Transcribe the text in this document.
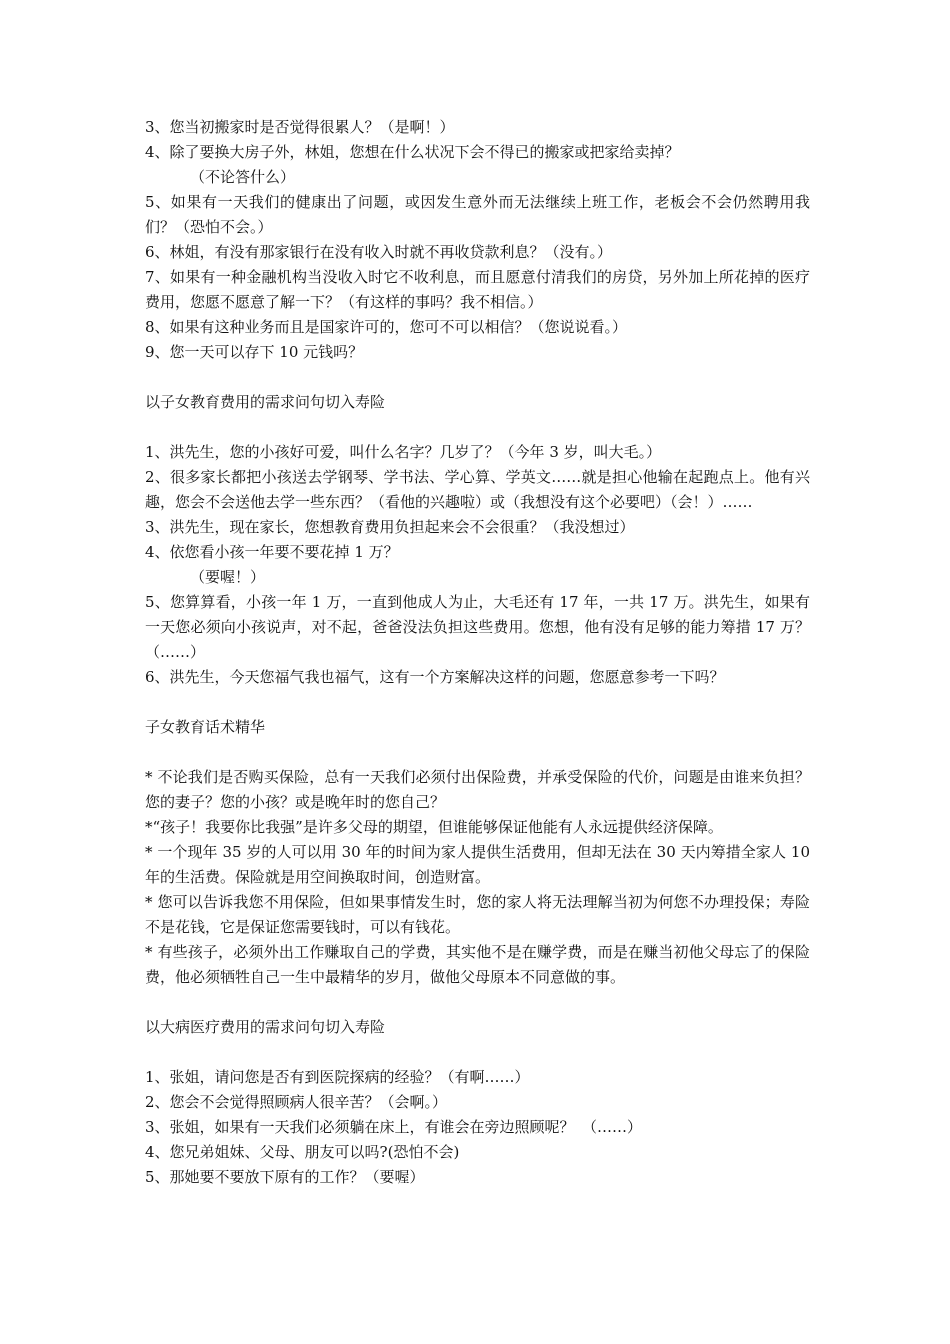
3、您当初搬家时是否觉得很累人？（是啊！）
4、除了要换大房子外，林姐，您想在什么状况下会不得已的搬家或把家给卖掉？
（不论答什么）
5、如果有一天我们的健康出了问题，或因发生意外而无法继续上班工作，老板会不会仍然聘用我们？（恐怕不会。）
6、林姐，有没有那家银行在没有收入时就不再收贷款利息？（没有。）
7、如果有一种金融机构当没收入时它不收利息，而且愿意付清我们的房贷，另外加上所花掉的医疗费用，您愿不愿意了解一下？（有这样的事吗？我不相信。）
8、如果有这种业务而且是国家许可的，您可不可以相信？（您说说看。）
9、您一天可以存下 10 元钱吗？
以子女教育费用的需求问句切入寿险
1、洪先生，您的小孩好可爱，叫什么名字？几岁了？（今年 3 岁，叫大毛。）
2、很多家长都把小孩送去学钢琴、学书法、学心算、学英文……就是担心他输在起跑点上。他有兴趣，您会不会送他去学一些东西？（看他的兴趣啦）或（我想没有这个必要吧）（会！）……
3、洪先生，现在家长，您想教育费用负担起来会不会很重？（我没想过）
4、依您看小孩一年要不要花掉 1 万？
（要喔！）
5、您算算看，小孩一年 1 万，一直到他成人为止，大毛还有 17 年，一共 17 万。洪先生，如果有一天您必须向小孩说声，对不起，爸爸没法负担这些费用。您想，他有没有足够的能力筹措 17 万？（……）
6、洪先生，今天您福气我也福气，这有一个方案解决这样的问题，您愿意参考一下吗？
子女教育话术精华
* 不论我们是否购买保险，总有一天我们必须付出保险费，并承受保险的代价，问题是由谁来负担？您的妻子？您的小孩？或是晚年时的您自己？
*“孩子！我要你比我强”是许多父母的期望，但谁能够保证他能有人永远提供经济保障。
* 一个现年 35 岁的人可以用 30 年的时间为家人提供生活费用，但却无法在 30 天内筹措全家人 10 年的生活费。保险就是用空间换取时间，创造财富。
* 您可以告诉我您不用保险，但如果事情发生时，您的家人将无法理解当初为何您不办理投保；寿险不是花钱，它是保证您需要钱时，可以有钱花。
* 有些孩子，必须外出工作赚取自己的学费，其实他不是在赚学费，而是在赚当初他父母忘了的保险费，他必须牺牲自己一生中最精华的岁月，做他父母原本不同意做的事。
以大病医疗费用的需求问句切入寿险
1、张姐，请问您是否有到医院探病的经验？（有啊……）
2、您会不会觉得照顾病人很辛苦？（会啊。）
3、张姐，如果有一天我们必须躺在床上，有谁会在旁边照顾呢？　（……）
4、您兄弟姐妹、父母、朋友可以吗?(恐怕不会)
5、那她要不要放下原有的工作？（要喔）
